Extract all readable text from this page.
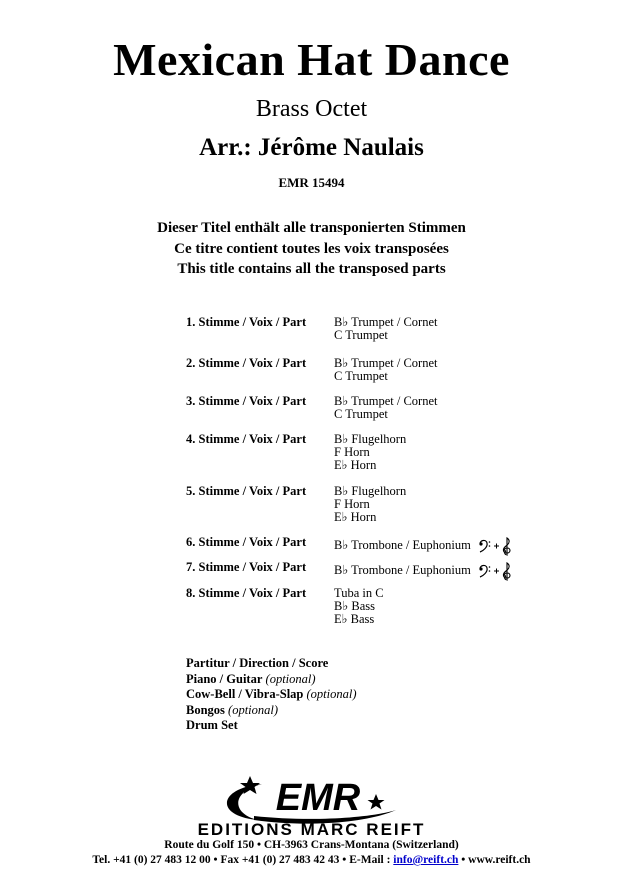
Mexican Hat Dance
Brass Octet
Arr.: Jérôme Naulais
EMR 15494
Dieser Titel enthält alle transponierten Stimmen
Ce titre contient toutes les voix transposées
This title contains all the transposed parts
1. Stimme / Voix / Part B♭ Trumpet / Cornet
C Trumpet
2. Stimme / Voix / Part B♭ Trumpet / Cornet
C Trumpet
3. Stimme / Voix / Part B♭ Trumpet / Cornet
C Trumpet
4. Stimme / Voix / Part B♭ Flugelhorn
F Horn
E♭ Horn
5. Stimme / Voix / Part B♭ Flugelhorn
F Horn
E♭ Horn
6. Stimme / Voix / Part B♭ Trombone / Euphonium
7. Stimme / Voix / Part B♭ Trombone / Euphonium
8. Stimme / Voix / Part Tuba in C
B♭ Bass
E♭ Bass
Partitur / Direction / Score
Piano / Guitar (optional)
Cow-Bell / Vibra-Slap (optional)
Bongos (optional)
Drum Set
EMR
EDITIONS MARC REIFT
Route du Golf 150 • CH-3963 Crans-Montana (Switzerland)
Tel. +41 (0) 27 483 12 00 • Fax +41 (0) 27 483 42 43 • E-Mail : info@reift.ch • www.reift.ch
